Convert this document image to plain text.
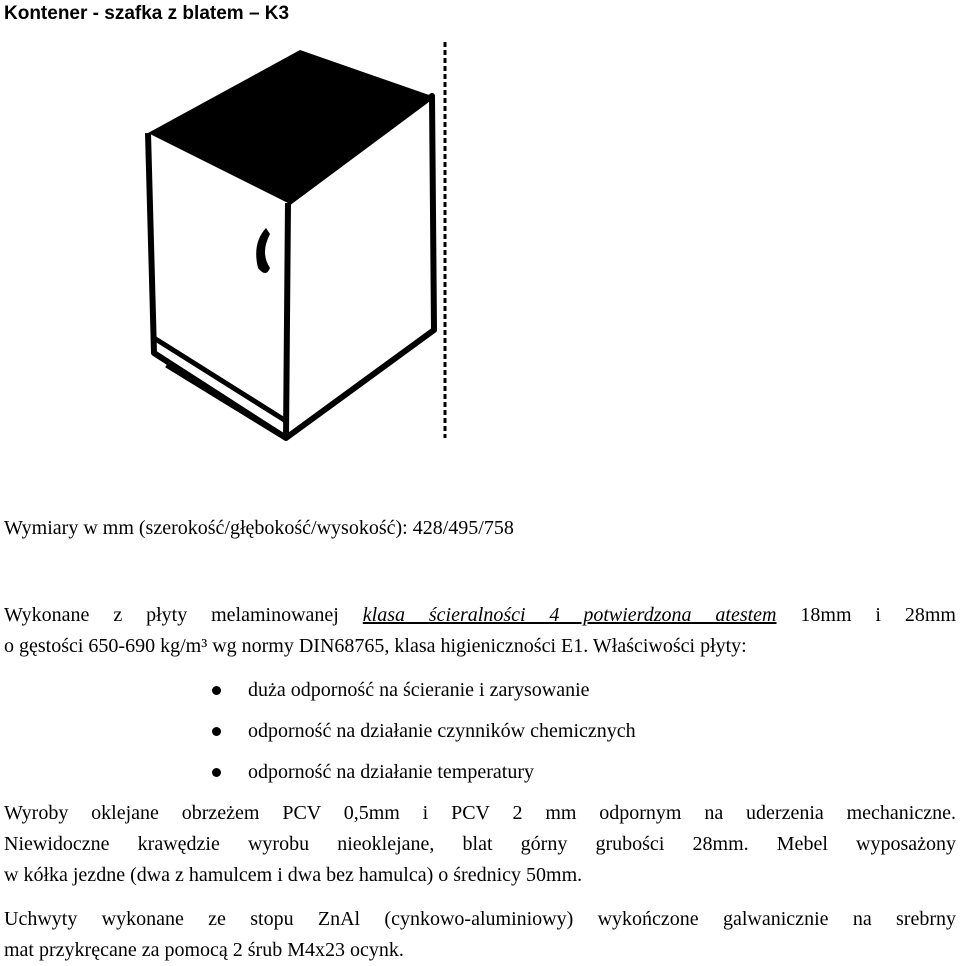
Kontener - szafka z blatem – K3

Wymiary w mm (szerokość/głębokość/wysokość): 428/495/758

Wykonane z płyty melaminowanej klasa ścieralności 4 potwierdzona atestem 18mm i 28mm
o gęstości 650-690 kg/m³ wg normy DIN68765, klasa higieniczności E1. Właściwości płyty:
duża odporność na ścieranie i zarysowanie
odporność na działanie czynników chemicznych
odporność na działanie temperatury
Wyroby oklejane obrzeżem PCV 0,5mm i PCV 2 mm odpornym na uderzenia mechaniczne.
Niewidoczne krawędzie wyrobu nieoklejane, blat górny grubości 28mm. Mebel wyposażony
w kółka jezdne (dwa z hamulcem i dwa bez hamulca) o średnicy 50mm.
Uchwyty wykonane ze stopu ZnAl (cynkowo-aluminiowy) wykończone galwanicznie na srebrny
mat przykręcane za pomocą 2 śrub M4x23 ocynk.
